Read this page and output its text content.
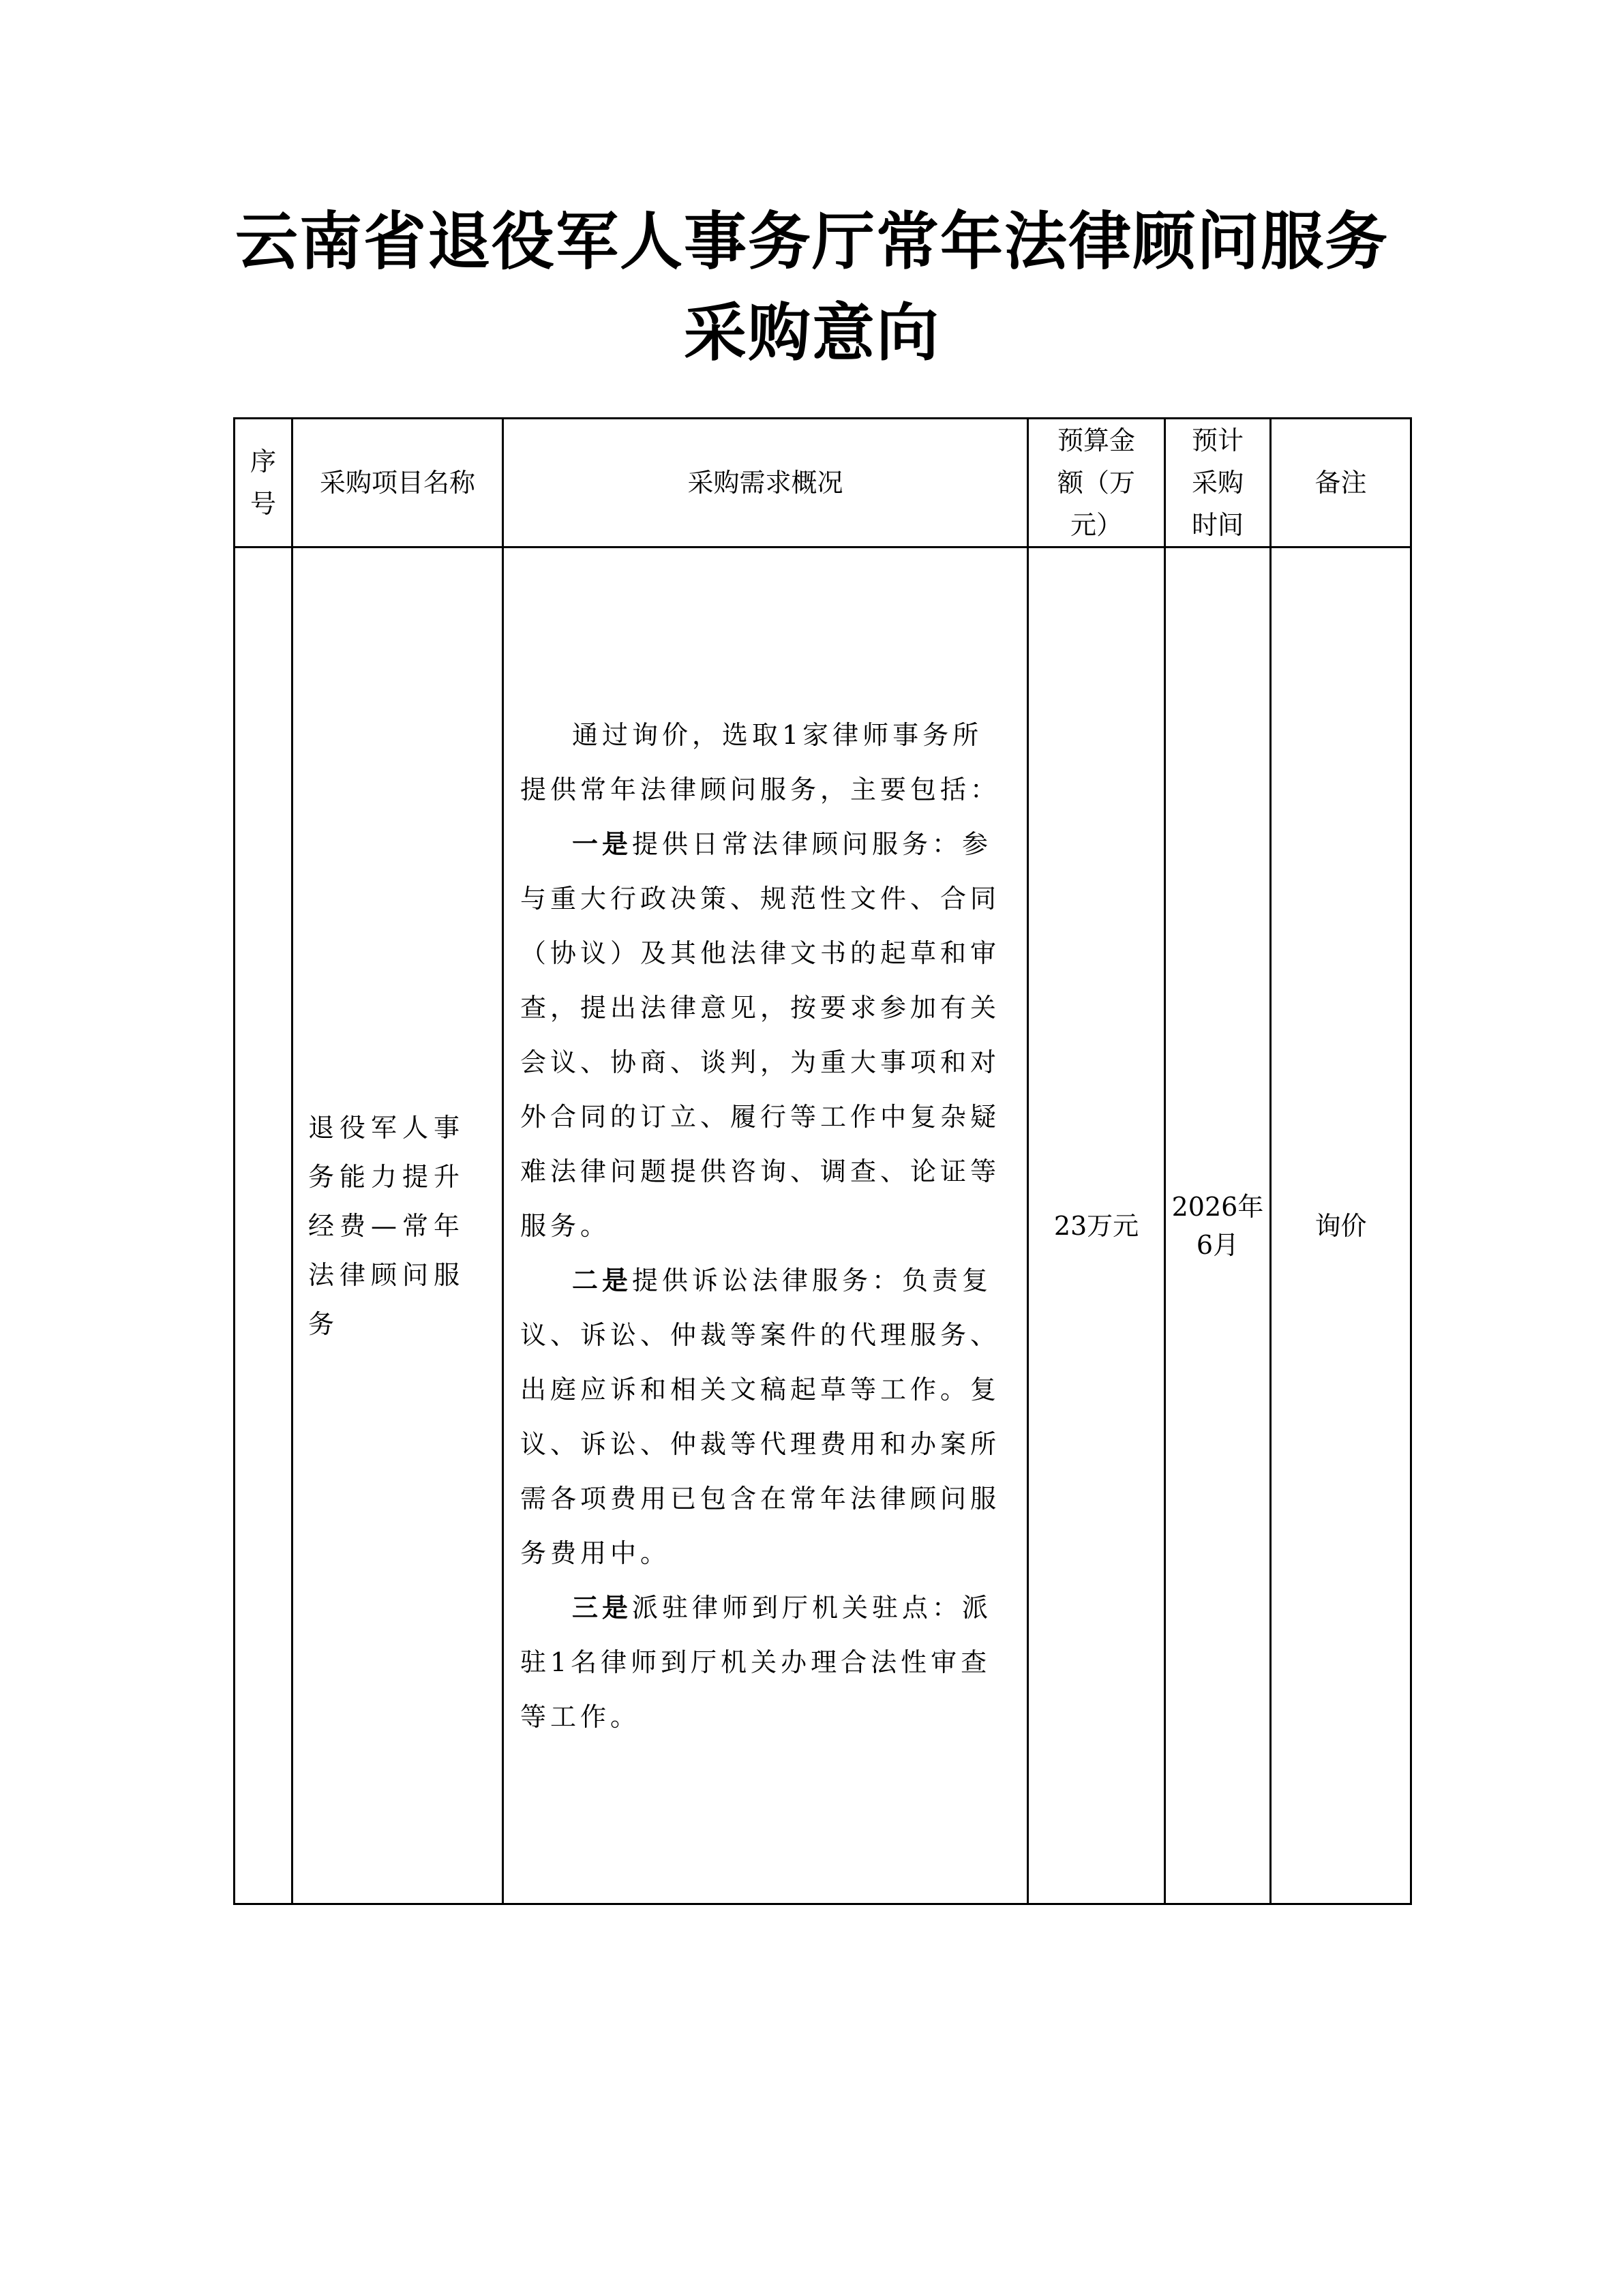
云南省退役军人事务厅常年法律顾问服务
采购意向
序号	采购项目名称	采购需求概况	预算金额（万元）	预计采购时间	备注
	退役军人事务能力提升经费—常年法律顾问服务	通过询价，选取1家律师事务所提供常年法律顾问服务，主要包括：

一是提供日常法律顾问服务：参与重大行政决策、规范性文件、合同（协议）及其他法律文书的起草和审查，提出法律意见，按要求参加有关会议、协商、谈判，为重大事项和对外合同的订立、履行等工作中复杂疑难法律问题提供咨询、调查、论证等服务。

二是提供诉讼法律服务：负责复议、诉讼、仲裁等案件的代理服务、出庭应诉和相关文稿起草等工作。复议、诉讼、仲裁等代理费用和办案所需各项费用已包含在常年法律顾问服务费用中。

三是派驻律师到厅机关驻点：派驻1名律师到厅机关办理合法性审查等工作。	23万元	2026年6月	询价
